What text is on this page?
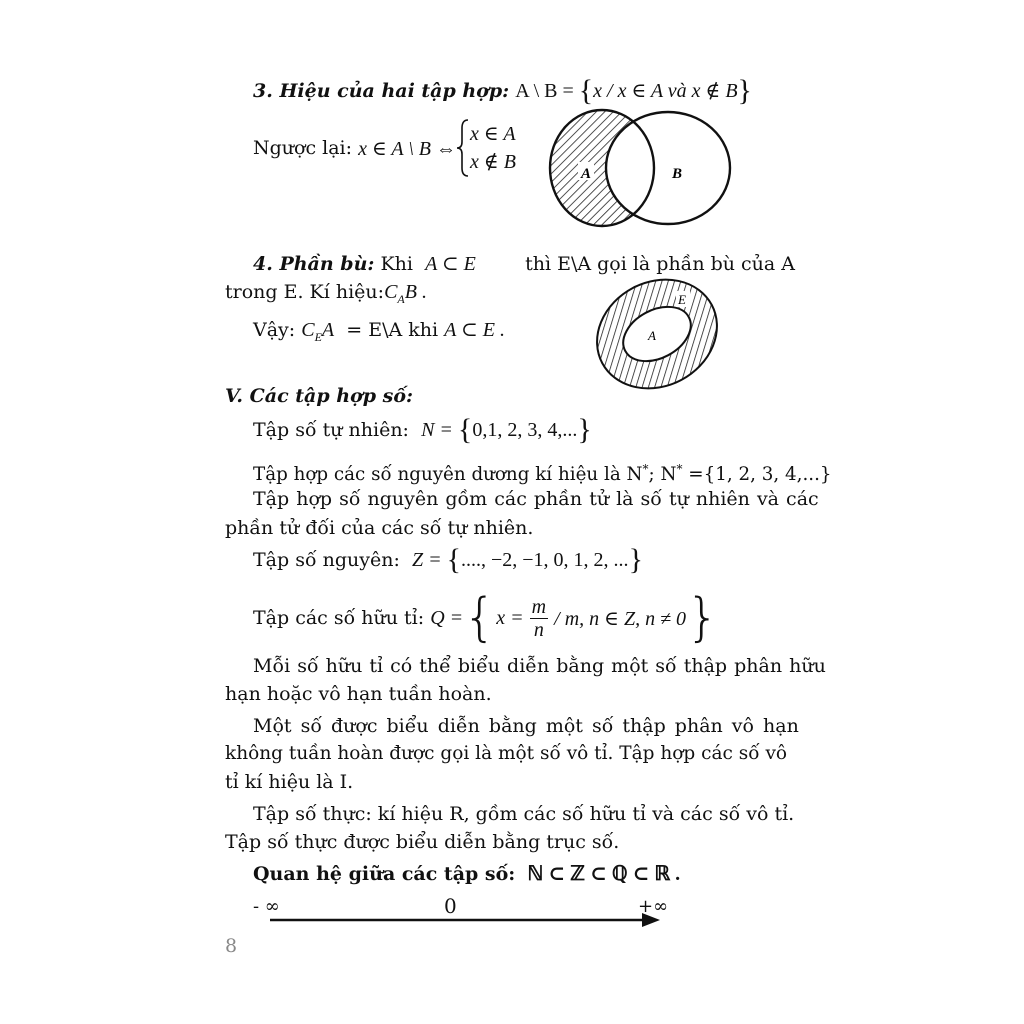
3. Hiệu của hai tập hợp: A \ B = {x / x ∈ A và x ∉ B}
Ngược lại:
x ∈ A \ B ⇔
x ∈ A
x ∉ B
A	B
4. Phần bù: Khi A ⊂ E	thì E\A gọi là phần bù của A
trong E. Kí $hiệu:C_AB$ .
Vậy: $C_EA$ = E\A khi A ⊂ E .
E
A
V. Các tập hợp số:
Tập số tự nhiên: N = {0,1, 2, 3, 4,...}
Tập hợp các số nguyên dương kí hiệu là N*; N* ={1, 2, 3, 4,...}
Tập hợp số nguyên gồm các phần tử là số tự nhiên và các
phần tử đối của các số tự nhiên.
Tập số nguyên: Z = {...., −2, −1, 0, 1, 2, ...}
Tập các số hữu tỉ:
Q = { x =
$\frac{m}{n}$
/ m, n ∈ Z, n ≠ 0 }
Mỗi số hữu tỉ có thể biểu diễn bằng một số thập phân hữu
hạn hoặc vô hạn tuần hoàn.
Một số được biểu diễn bằng một số thập phân vô hạn
không tuần hoàn được gọi là một số vô tỉ. Tập hợp các số vô
tỉ kí hiệu là I.
Tập số thực: kí hiệu R, gồm các số hữu tỉ và các số vô tỉ.
Tập số thực được biểu diễn bằng trục số.
Quan hệ giữa các tập số: ℕ ⊂ ℤ ⊂ ℚ ⊂ ℝ .
- ∞	0	+∞
8
